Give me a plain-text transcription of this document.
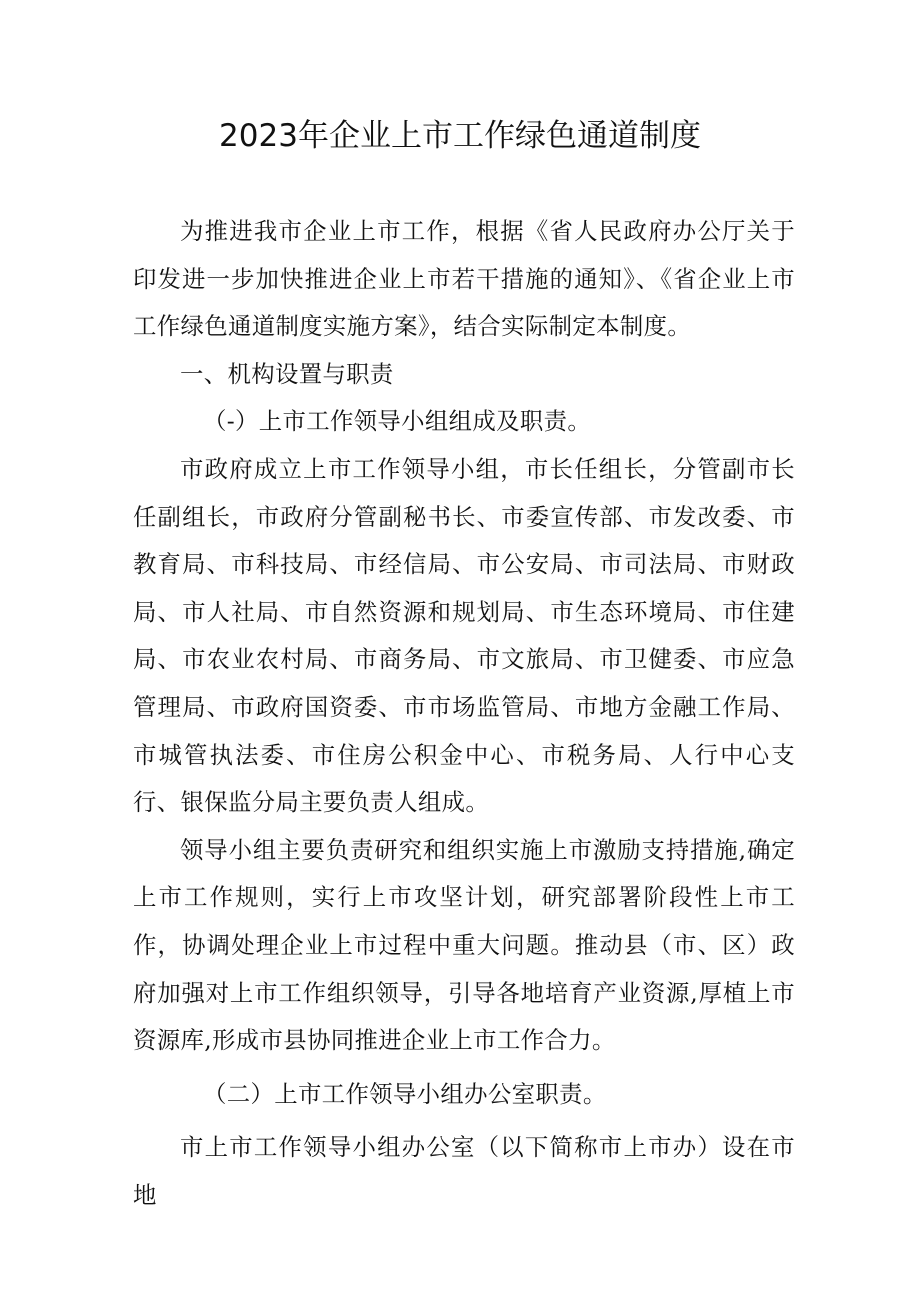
2023年企业上市工作绿色通道制度

为推进我市企业上市工作，根据《省人民政府办公厅关于印发进一步加快推进企业上市若干措施的通知》、《省企业上市工作绿色通道制度实施方案》，结合实际制定本制度。

一、机构设置与职责

（-）上市工作领导小组组成及职责。

市政府成立上市工作领导小组，市长任组长，分管副市长任副组长，市政府分管副秘书长、市委宣传部、市发改委、市教育局、市科技局、市经信局、市公安局、市司法局、市财政局、市人社局、市自然资源和规划局、市生态环境局、市住建局、市农业农村局、市商务局、市文旅局、市卫健委、市应急管理局、市政府国资委、市市场监管局、市地方金融工作局、市城管执法委、市住房公积金中心、市税务局、人行中心支行、银保监分局主要负责人组成。

领导小组主要负责研究和组织实施上市激励支持措施,确定上市工作规则，实行上市攻坚计划，研究部署阶段性上市工作，协调处理企业上市过程中重大问题。推动县（市、区）政府加强对上市工作组织领导，引导各地培育产业资源,厚植上市资源库,形成市县协同推进企业上市工作合力。

（二）上市工作领导小组办公室职责。

市上市工作领导小组办公室（以下简称市上市办）设在市地
